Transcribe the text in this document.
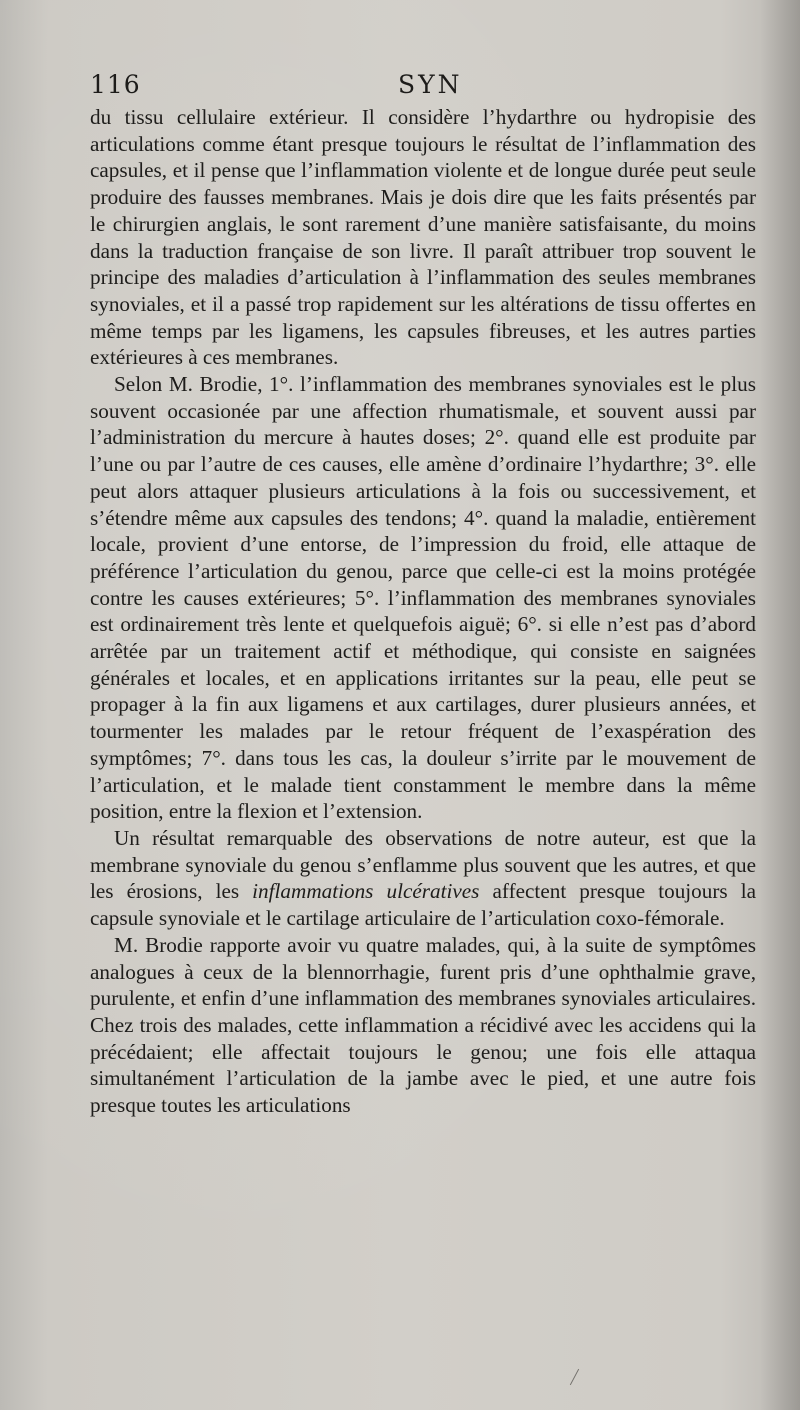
116	SYN

du tissu cellulaire extérieur. Il considère l’hydarthre ou hydropisie des articulations comme étant presque toujours le résultat de l’inflammation des capsules, et il pense que l’inflammation violente et de longue durée peut seule produire des fausses membranes. Mais je dois dire que les faits présentés par le chirurgien anglais, le sont rarement d’une manière satisfaisante, du moins dans la traduction française de son livre. Il paraît attribuer trop souvent le principe des maladies d’articulation à l’inflammation des seules membranes synoviales, et il a passé trop rapidement sur les altérations de tissu offertes en même temps par les ligamens, les capsules fibreuses, et les autres parties extérieures à ces membranes.

Selon M. Brodie, 1°. l’inflammation des membranes synoviales est le plus souvent occasionée par une affection rhumatismale, et souvent aussi par l’administration du mercure à hautes doses; 2°. quand elle est produite par l’une ou par l’autre de ces causes, elle amène d’ordinaire l’hydarthre; 3°. elle peut alors attaquer plusieurs articulations à la fois ou successivement, et s’étendre même aux capsules des tendons; 4°. quand la maladie, entièrement locale, provient d’une entorse, de l’impression du froid, elle attaque de préférence l’articulation du genou, parce que celle-ci est la moins protégée contre les causes extérieures; 5°. l’inflammation des membranes synoviales est ordinairement très lente et quelquefois aiguë; 6°. si elle n’est pas d’abord arrêtée par un traitement actif et méthodique, qui consiste en saignées générales et locales, et en applications irritantes sur la peau, elle peut se propager à la fin aux ligamens et aux cartilages, durer plusieurs années, et tourmenter les malades par le retour fréquent de l’exaspération des symptômes; 7°. dans tous les cas, la douleur s’irrite par le mouvement de l’articulation, et le malade tient constamment le membre dans la même position, entre la flexion et l’extension.

Un résultat remarquable des observations de notre auteur, est que la membrane synoviale du genou s’enflamme plus souvent que les autres, et que les érosions, les inflammations ulcératives affectent presque toujours la capsule synoviale et le cartilage articulaire de l’articulation coxo-fémorale.

M. Brodie rapporte avoir vu quatre malades, qui, à la suite de symptômes analogues à ceux de la blennorrhagie, furent pris d’une ophthalmie grave, purulente, et enfin d’une inflammation des membranes synoviales articulaires. Chez trois des malades, cette inflammation a récidivé avec les accidens qui la précédaient; elle affectait toujours le genou; une fois elle attaqua simultanément l’articulation de la jambe avec le pied, et une autre fois presque toutes les articulations
